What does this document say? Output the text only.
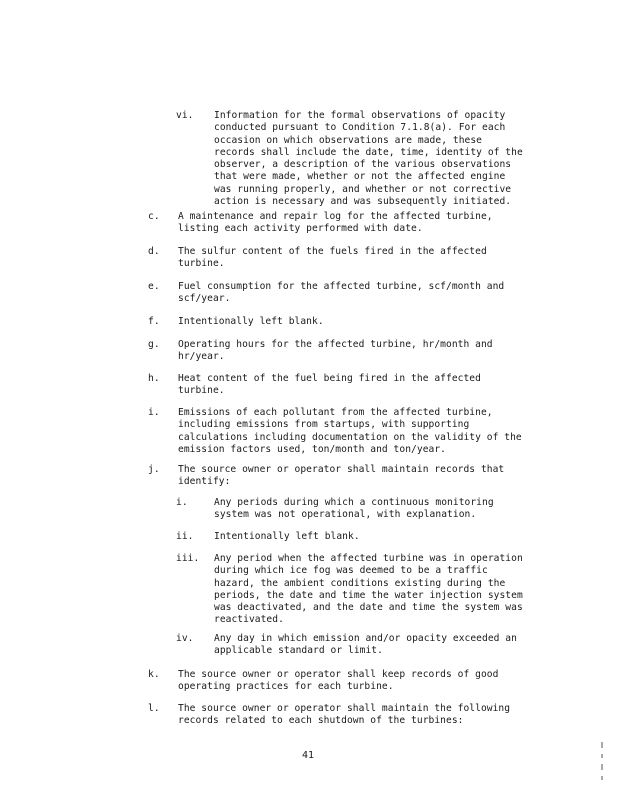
vi.

Information for the formal observations of opacity
conducted pursuant to Condition 7.1.8(a). For each
occasion on which observations are made, these
records shall include the date, time, identity of the
observer, a description of the various observations
that were made, whether or not the affected engine
was running properly, and whether or not corrective
action is necessary and was subsequently initiated.

c.

A maintenance and repair log for the affected turbine,
listing each activity performed with date.

d.

The sulfur content of the fuels fired in the affected
turbine.

e.

Fuel consumption for the affected turbine, scf/month and
scf/year.

f.

Intentionally left blank.

g.

Operating hours for the affected turbine, hr/month and
hr/year.

h.

Heat content of the fuel being fired in the affected
turbine.

i.

Emissions of each pollutant from the affected turbine,
including emissions from startups, with supporting
calculations including documentation on the validity of the
emission factors used, ton/month and ton/year.

j.

The source owner or operator shall maintain records that
identify:

i.

	Any periods during which a continuous monitoring
system was not operational, with explanation.

ii.

Intentionally left blank.

iii.

Any period when the affected turbine was in operation
during which ice fog was deemed to be a traffic
hazard, the ambient conditions existing during the
periods, the date and time the water injection system
was deactivated, and the date and time the system was
reactivated.

iv.

Any day in which emission and/or opacity exceeded an
applicable standard or limit.

k.

The source owner or operator shall keep records of good
operating practices for each turbine.

l.

The source owner or operator shall maintain the following
records related to each shutdown of the turbines:

41
